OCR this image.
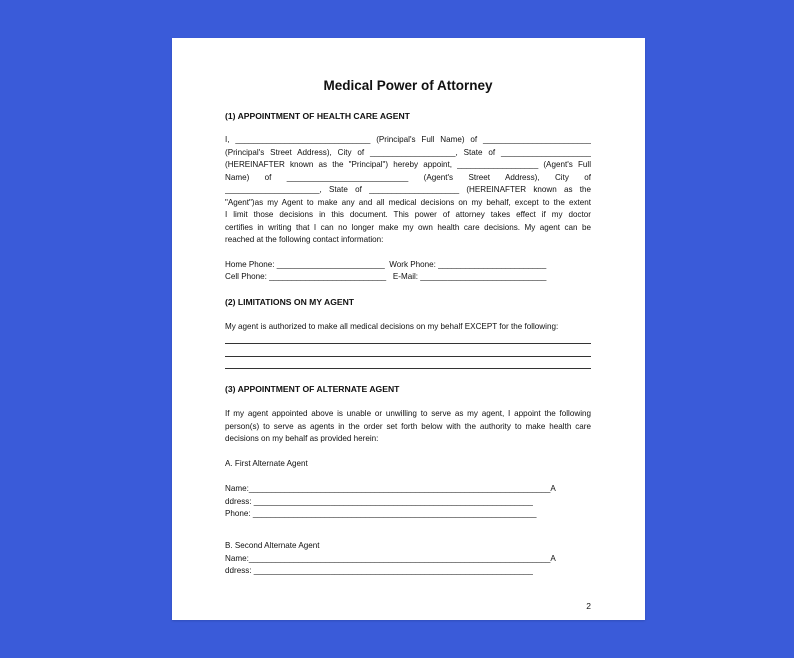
Medical Power of Attorney
(1) APPOINTMENT OF HEALTH CARE AGENT
I, ______________________________ (Principal's Full Name) of ________________________
(Principal's Street Address), City of ___________________, State of ____________________
(HEREINAFTER known as the "Principal") hereby appoint, __________________ (Agent's Full
Name) of ___________________________ (Agent's Street Address), City of
_____________________, State of ____________________ (HEREINAFTER known as the
"Agent")as my Agent to make any and all medical decisions on my behalf, except to the extent
I limit those decisions in this document. This power of attorney takes effect if my doctor
certifies in writing that I can no longer make my own health care decisions. My agent can be
reached at the following contact information:
Home Phone: ________________________  Work Phone: ________________________
Cell Phone: __________________________   E-Mail: ____________________________
(2) LIMITATIONS ON MY AGENT
My agent is authorized to make all medical decisions on my behalf EXCEPT for the following:
(3) APPOINTMENT OF ALTERNATE AGENT
If my agent appointed above is unable or unwilling to serve as my agent, I appoint the following
person(s) to serve as agents in the order set forth below with the authority to make health care
decisions on my behalf as provided herein:
A. First Alternate Agent
Name:___________________________________________________________________A
ddress: ______________________________________________________________
Phone: _______________________________________________________________
B. Second Alternate Agent
Name:___________________________________________________________________A
ddress: ______________________________________________________________
2
